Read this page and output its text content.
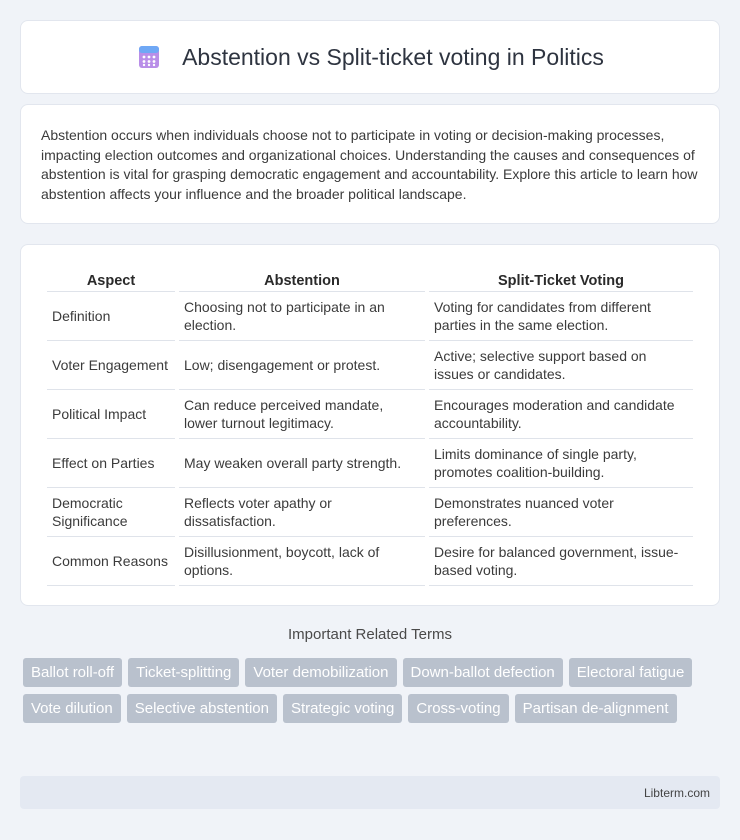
Abstention vs Split-ticket voting in Politics

Abstention occurs when individuals choose not to participate in voting or decision-making processes, impacting election outcomes and organizational choices. Understanding the causes and consequences of abstention is vital for grasping democratic engagement and accountability. Explore this article to learn how abstention affects your influence and the broader political landscape.

Aspect	Abstention	Split-Ticket Voting
Definition	Choosing not to participate in an election.	Voting for candidates from different parties in the same election.
Voter Engagement	Low; disengagement or protest.	Active; selective support based on issues or candidates.
Political Impact	Can reduce perceived mandate, lower turnout legitimacy.	Encourages moderation and candidate accountability.
Effect on Parties	May weaken overall party strength.	Limits dominance of single party, promotes coalition-building.
Democratic Significance	Reflects voter apathy or dissatisfaction.	Demonstrates nuanced voter preferences.
Common Reasons	Disillusionment, boycott, lack of options.	Desire for balanced government, issue-based voting.
Important Related Terms
Ballot roll-off	Ticket-splitting	Voter demobilization	Down-ballot defection	Electoral fatigue
Vote dilution	Selective abstention	Strategic voting	Cross-voting	Partisan de-alignment
Libterm.com
